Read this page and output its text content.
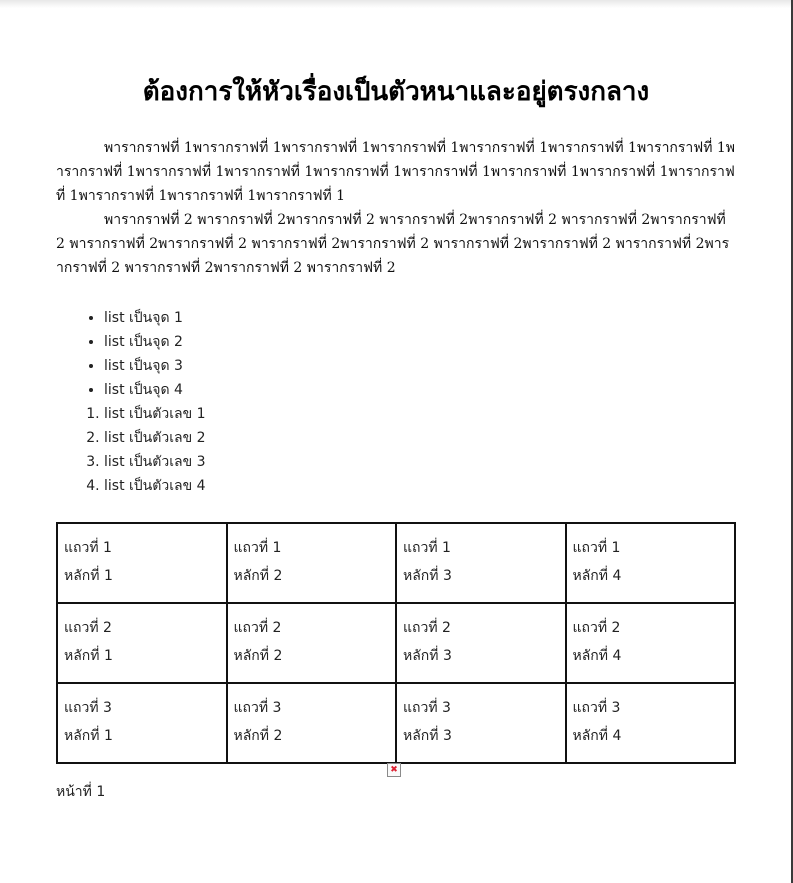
ต้องการให้หัวเรื่องเป็นตัวหนาและอยู่ตรงกลาง

พารากราฟที่ 1พารากราฟที่ 1พารากราฟที่ 1พารากราฟที่ 1พารากราฟที่ 1พารากราฟที่ 1พารากราฟที่ 1พารากราฟที่ 1พารากราฟที่ 1พารากราฟที่ 1พารากราฟที่ 1พารากราฟที่ 1พารากราฟที่ 1พารากราฟที่ 1พารากราฟที่ 1พารากราฟที่ 1พารากราฟที่ 1พารากราฟที่ 1

พารากราฟที่ 2 พารากราฟที่ 2พารากราฟที่ 2 พารากราฟที่ 2พารากราฟที่ 2 พารากราฟที่ 2พารากราฟที่ 2 พารากราฟที่ 2พารากราฟที่ 2 พารากราฟที่ 2พารากราฟที่ 2 พารากราฟที่ 2พารากราฟที่ 2 พารากราฟที่ 2พารากราฟที่ 2 พารากราฟที่ 2พารากราฟที่ 2 พารากราฟที่ 2

• list เป็นจุด 1
• list เป็นจุด 2
• list เป็นจุด 3
• list เป็นจุด 4
1. list เป็นตัวเลข 1
2. list เป็นตัวเลข 2
3. list เป็นตัวเลข 3
4. list เป็นตัวเลข 4
แถวที่ 1
หลักที่ 1	แถวที่ 1
หลักที่ 2	แถวที่ 1
หลักที่ 3	แถวที่ 1
หลักที่ 4

แถวที่ 2
หลักที่ 1	แถวที่ 2
หลักที่ 2	แถวที่ 2
หลักที่ 3	แถวที่ 2
หลักที่ 4

แถวที่ 3
หลักที่ 1	แถวที่ 3
หลักที่ 2	แถวที่ 3
หลักที่ 3	แถวที่ 3
หลักที่ 4
✖
หน้าที่ 1
